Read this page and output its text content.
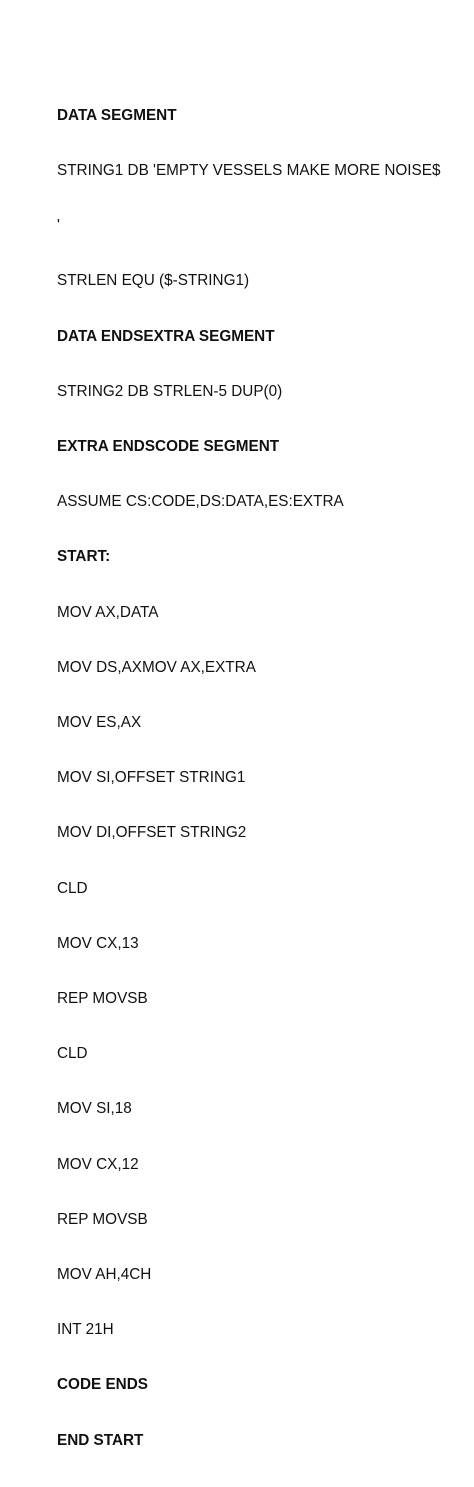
DATA SEGMENT

STRING1 DB 'EMPTY VESSELS MAKE MORE NOISE$

'

STRLEN EQU ($-STRING1)

DATA ENDSEXTRA SEGMENT

STRING2 DB STRLEN-5 DUP(0)

EXTRA ENDSCODE SEGMENT

ASSUME CS:CODE,DS:DATA,ES:EXTRA

START:

MOV AX,DATA

MOV DS,AXMOV AX,EXTRA

MOV ES,AX

MOV SI,OFFSET STRING1

MOV DI,OFFSET STRING2

CLD

MOV CX,13

REP MOVSB

CLD

MOV SI,18

MOV CX,12

REP MOVSB

MOV AH,4CH

INT 21H

CODE ENDS

END START
